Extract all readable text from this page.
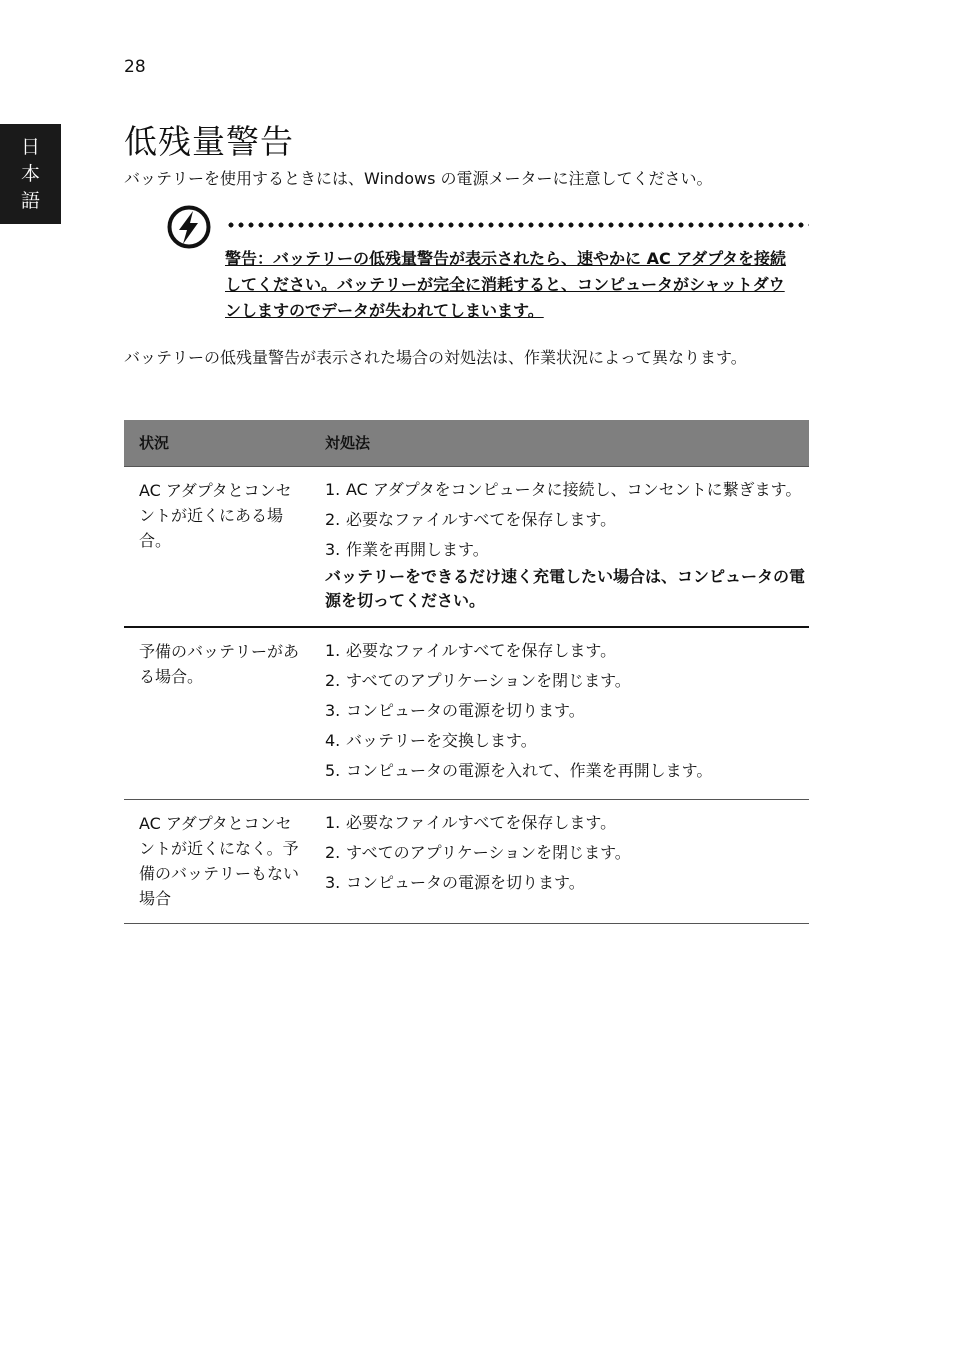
28
日
本
語
低残量警告
バッテリーを使用するときには、Windows の電源メーターに注意してください。
警告：バッテリーの低残量警告が表示されたら、速やかに AC アダプタを接続してください。バッテリーが完全に消耗すると、コンピュータがシャットダウンしますのでデータが失われてしまいます。
バッテリーの低残量警告が表示された場合の対処法は、作業状況によって異なります。
状況	対処法
AC アダプタとコンセントが近くにある場合。
1. AC アダプタをコンピュータに接続し、コンセントに繋ぎます。
2. 必要なファイルすべてを保存します。
3. 作業を再開します。
バッテリーをできるだけ速く充電したい場合は、コンピュータの電源を切ってください。
予備のバッテリーがある場合。
1. 必要なファイルすべてを保存します。
2. すべてのアプリケーションを閉じます。
3. コンピュータの電源を切ります。
4. バッテリーを交換します。
5. コンピュータの電源を入れて、作業を再開します。
AC アダプタとコンセントが近くになく。予備のバッテリーもない場合
1. 必要なファイルすべてを保存します。
2. すべてのアプリケーションを閉じます。
3. コンピュータの電源を切ります。
